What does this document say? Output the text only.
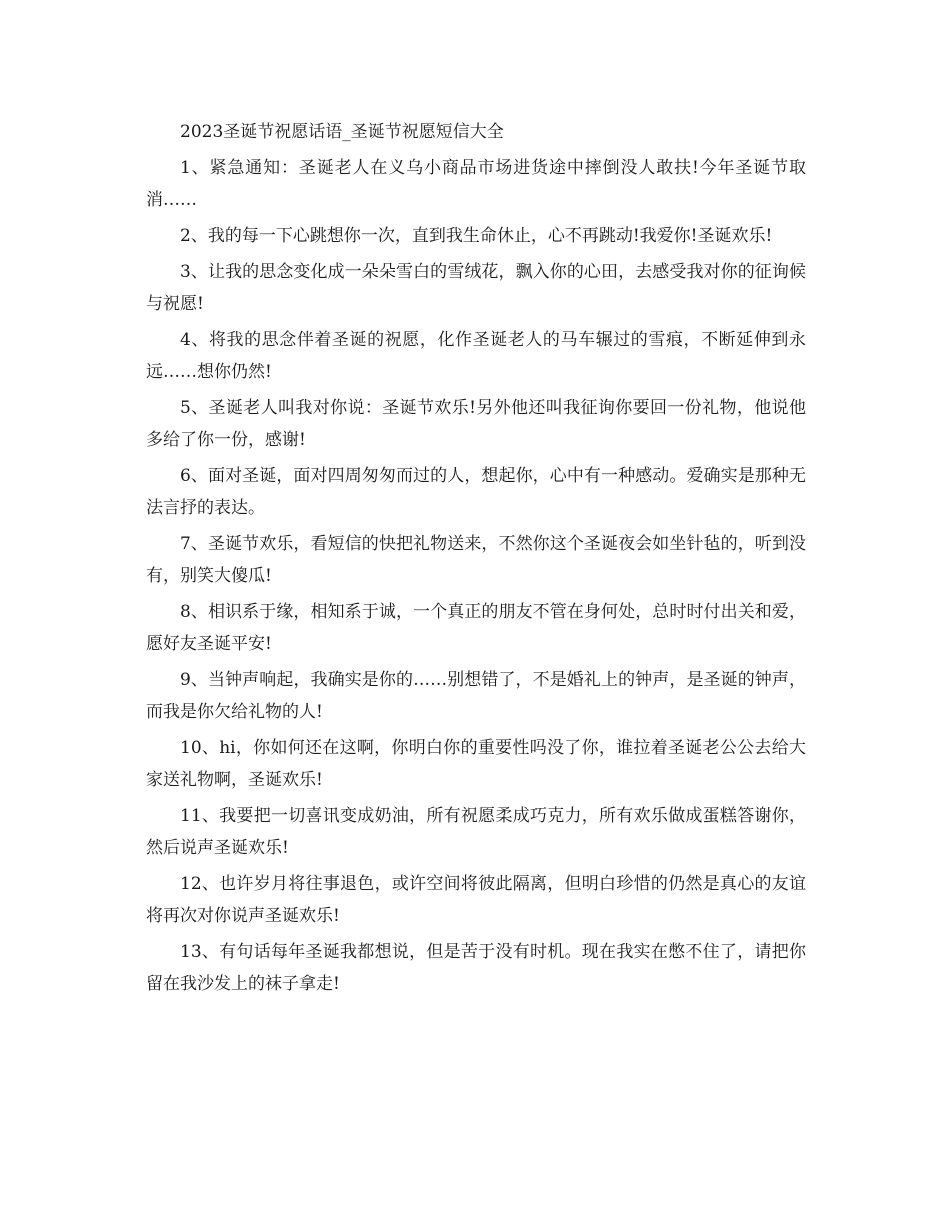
2023圣诞节祝愿话语_圣诞节祝愿短信大全

1、紧急通知：圣诞老人在义乌小商品市场进货途中摔倒没人敢扶!今年圣诞节取消……

2、我的每一下心跳想你一次，直到我生命休止，心不再跳动!我爱你!圣诞欢乐!

3、让我的思念变化成一朵朵雪白的雪绒花，飘入你的心田，去感受我对你的征询候与祝愿!

4、将我的思念伴着圣诞的祝愿，化作圣诞老人的马车辗过的雪痕，不断延伸到永远……想你仍然!

5、圣诞老人叫我对你说：圣诞节欢乐!另外他还叫我征询你要回一份礼物，他说他多给了你一份，感谢!

6、面对圣诞，面对四周匆匆而过的人，想起你，心中有一种感动。爱确实是那种无法言抒的表达。

7、圣诞节欢乐，看短信的快把礼物送来，不然你这个圣诞夜会如坐针毡的，听到没有，别笑大傻瓜!

8、相识系于缘，相知系于诚，一个真正的朋友不管在身何处，总时时付出关和爱，愿好友圣诞平安!

9、当钟声响起，我确实是你的……别想错了，不是婚礼上的钟声，是圣诞的钟声，而我是你欠给礼物的人!

10、hi，你如何还在这啊，你明白你的重要性吗没了你，谁拉着圣诞老公公去给大家送礼物啊，圣诞欢乐!

11、我要把一切喜讯变成奶油，所有祝愿柔成巧克力，所有欢乐做成蛋糕答谢你，然后说声圣诞欢乐!

12、也许岁月将往事退色，或许空间将彼此隔离，但明白珍惜的仍然是真心的友谊将再次对你说声圣诞欢乐!

13、有句话每年圣诞我都想说，但是苦于没有时机。现在我实在憋不住了，请把你留在我沙发上的袜子拿走!
